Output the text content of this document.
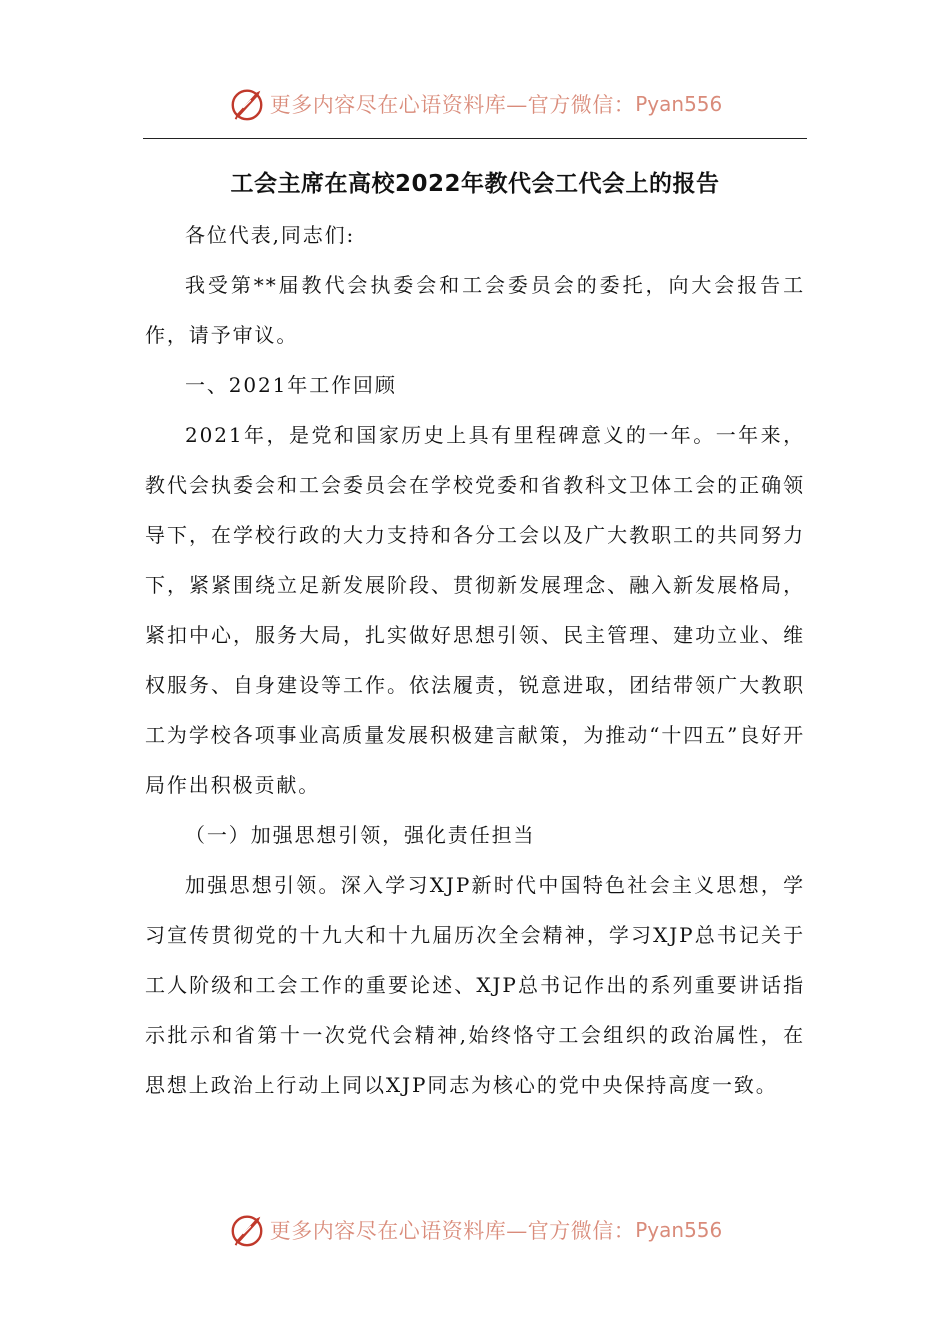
更多内容尽在心语资料库—官方微信： Pyan556
工会主席在高校2022年教代会工代会上的报告

各位代表,同志们:

我受第**届教代会执委会和工会委员会的委托，向大会报告工作，请予审议。

一、2021年工作回顾

2021年，是党和国家历史上具有里程碑意义的一年。一年来，教代会执委会和工会委员会在学校党委和省教科文卫体工会的正确领导下，在学校行政的大力支持和各分工会以及广大教职工的共同努力下，紧紧围绕立足新发展阶段、贯彻新发展理念、融入新发展格局，紧扣中心，服务大局，扎实做好思想引领、民主管理、建功立业、维权服务、自身建设等工作。依法履责，锐意进取，团结带领广大教职工为学校各项事业高质量发展积极建言献策，为推动“十四五”良好开局作出积极贡献。

（一）加强思想引领，强化责任担当

加强思想引领。深入学习XJP新时代中国特色社会主义思想，学习宣传贯彻党的十九大和十九届历次全会精神，学习XJP总书记关于工人阶级和工会工作的重要论述、XJP总书记作出的系列重要讲话指示批示和省第十一次党代会精神,始终恪守工会组织的政治属性，在思想上政治上行动上同以XJP同志为核心的党中央保持高度一致。

更多内容尽在心语资料库—官方微信： Pyan556
